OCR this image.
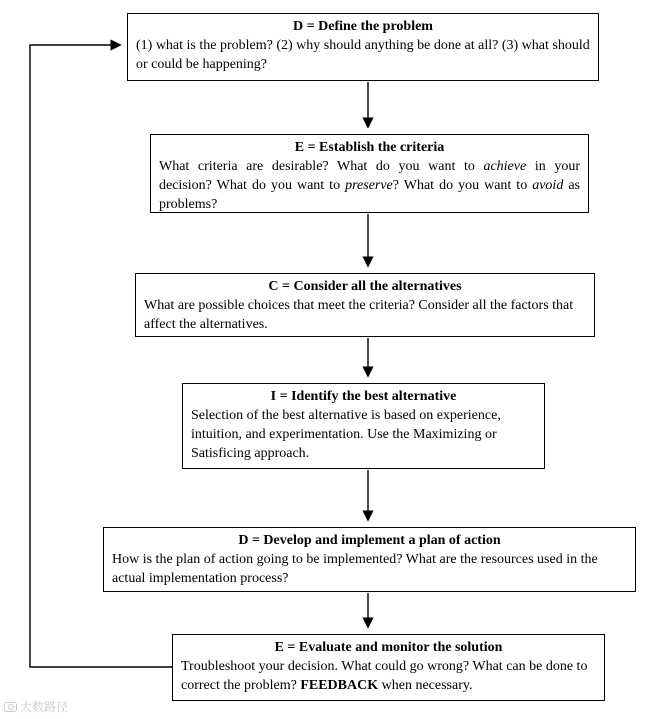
D = Define the problem
(1) what is the problem? (2) why should anything be done at all? (3) what should or could be happening?
E = Establish the criteria
What criteria are desirable? What do you want to achieve in your decision? What do you want to preserve? What do you want to avoid as problems?
C = Consider all the alternatives
What are possible choices that meet the criteria? Consider all the factors that affect the alternatives.
I = Identify the best alternative
Selection of the best alternative is based on experience, intuition, and experimentation. Use the Maximizing or Satisficing approach.
D = Develop and implement a plan of action
How is the plan of action going to be implemented? What are the resources used in the actual implementation process?
E = Evaluate and monitor the solution
Troubleshoot your decision. What could go wrong? What can be done to correct the problem? FEEDBACK when necessary.
大数路径
